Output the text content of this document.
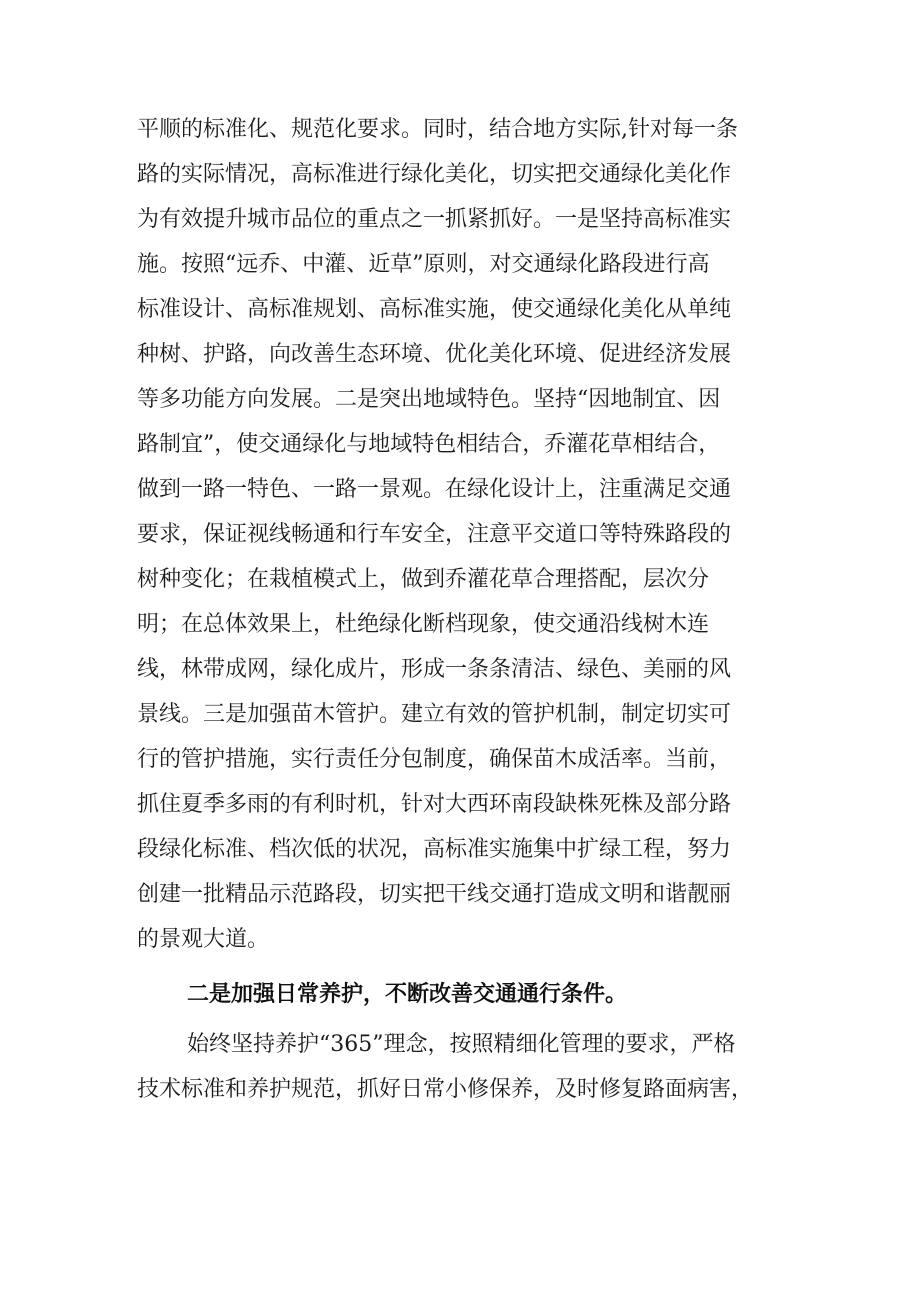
平顺的标准化、规范化要求。同时，结合地方实际,针对每一条

路的实际情况，高标准进行绿化美化，切实把交通绿化美化作

为有效提升城市品位的重点之一抓紧抓好。一是坚持高标准实

施。按照“远乔、中灌、近草”原则，对交通绿化路段进行高

标准设计、高标准规划、高标准实施，使交通绿化美化从单纯

种树、护路，向改善生态环境、优化美化环境、促进经济发展

等多功能方向发展。二是突出地域特色。坚持“因地制宜、因

路制宜”，使交通绿化与地域特色相结合，乔灌花草相结合，

做到一路一特色、一路一景观。在绿化设计上，注重满足交通

要求，保证视线畅通和行车安全，注意平交道口等特殊路段的

树种变化；在栽植模式上，做到乔灌花草合理搭配，层次分

明；在总体效果上，杜绝绿化断档现象，使交通沿线树木连

线，林带成网，绿化成片，形成一条条清洁、绿色、美丽的风

景线。三是加强苗木管护。建立有效的管护机制，制定切实可

行的管护措施，实行责任分包制度，确保苗木成活率。当前，

抓住夏季多雨的有利时机，针对大西环南段缺株死株及部分路

段绿化标准、档次低的状况，高标准实施集中扩绿工程，努力

创建一批精品示范路段，切实把干线交通打造成文明和谐靓丽

的景观大道。

二是加强日常养护，不断改善交通通行条件。

始终坚持养护“365”理念，按照精细化管理的要求，严格

技术标准和养护规范，抓好日常小修保养，及时修复路面病害，
